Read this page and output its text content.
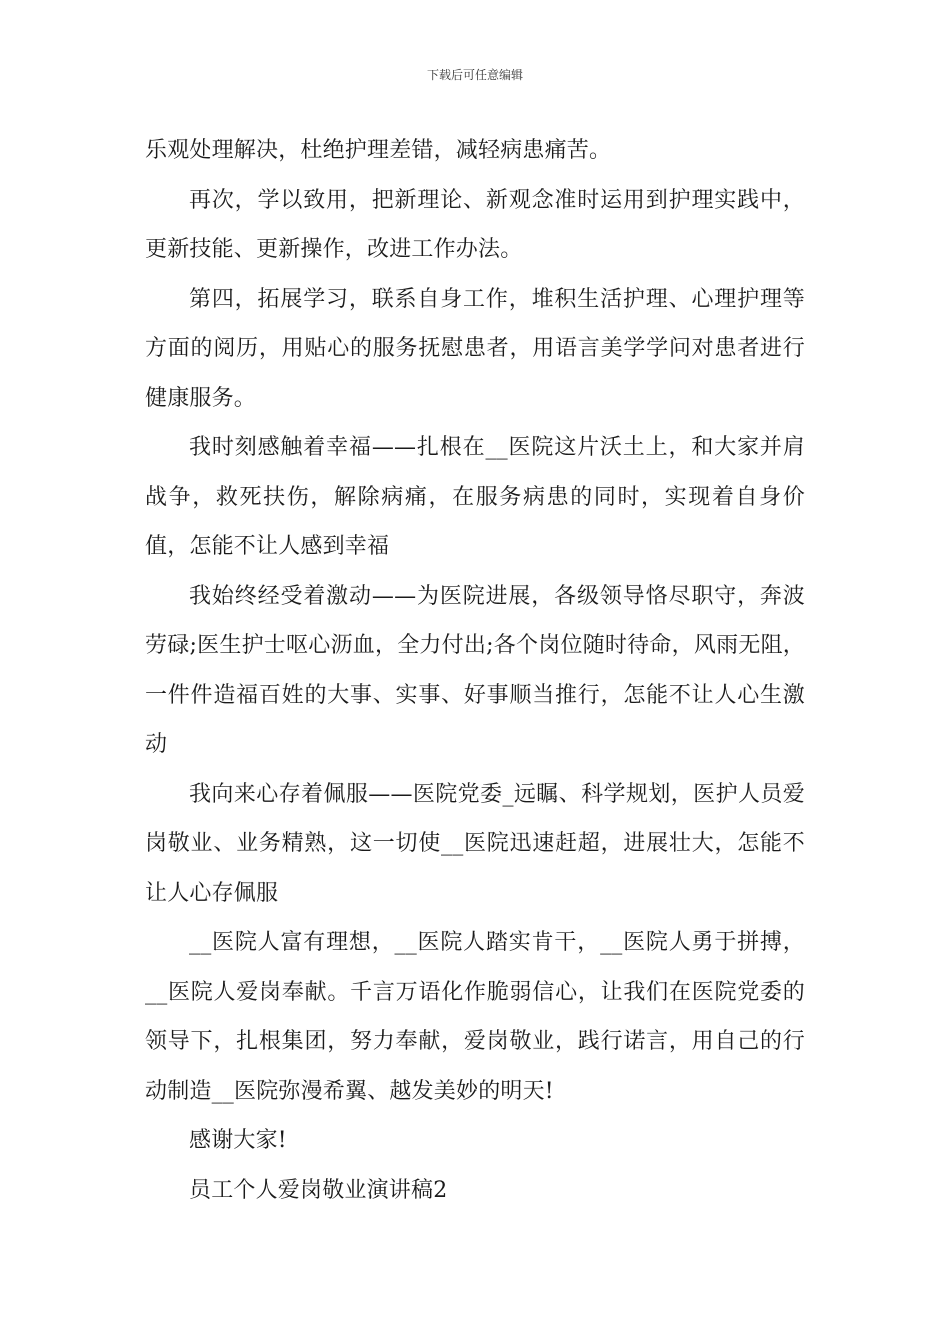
下载后可任意编辑

乐观处理解决，杜绝护理差错，减轻病患痛苦。

再次，学以致用，把新理论、新观念准时运用到护理实践中，更新技能、更新操作，改进工作办法。

第四，拓展学习，联系自身工作，堆积生活护理、心理护理等方面的阅历，用贴心的服务抚慰患者，用语言美学学问对患者进行健康服务。

我时刻感触着幸福——扎根在__医院这片沃土上，和大家并肩战争，救死扶伤，解除病痛，在服务病患的同时，实现着自身价值，怎能不让人感到幸福

我始终经受着激动——为医院进展，各级领导恪尽职守，奔波劳碌;医生护士呕心沥血，全力付出;各个岗位随时待命，风雨无阻，一件件造福百姓的大事、实事、好事顺当推行，怎能不让人心生激动

我向来心存着佩服——医院党委_远瞩、科学规划，医护人员爱岗敬业、业务精熟，这一切使__医院迅速赶超，进展壮大，怎能不让人心存佩服

__医院人富有理想，__医院人踏实肯干，__医院人勇于拼搏，__医院人爱岗奉献。千言万语化作脆弱信心，让我们在医院党委的领导下，扎根集团，努力奉献，爱岗敬业，践行诺言，用自己的行动制造__医院弥漫希翼、越发美妙的明天!

感谢大家!

员工个人爱岗敬业演讲稿2
